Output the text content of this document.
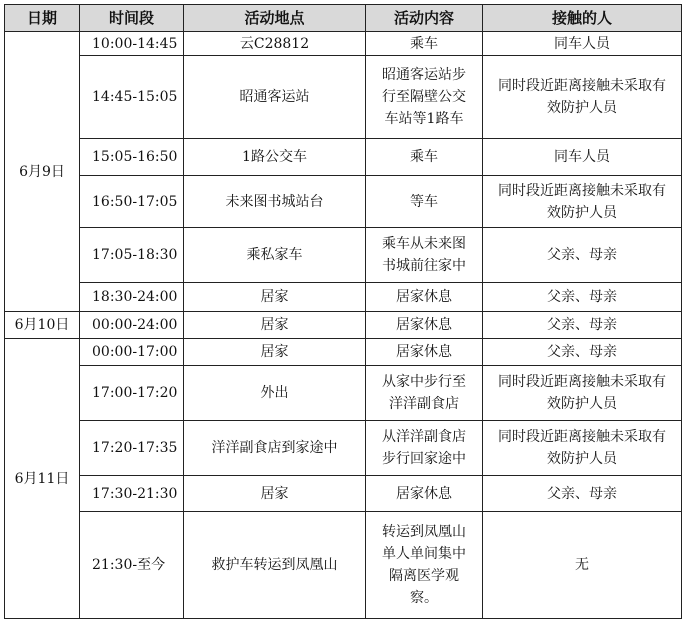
日期	时间段	活动地点	活动内容	接触的人
6月9日	10:00-14:45	云C28812	乘车	同车人员
	14:45-15:05	昭通客运站	昭通客运站步行至隔壁公交车站等1路车	同时段近距离接触未采取有效防护人员
	15:05-16:50	1路公交车	乘车	同车人员
	16:50-17:05	未来图书城站台	等车	同时段近距离接触未采取有效防护人员
	17:05-18:30	乘私家车	乘车从未来图书城前往家中	父亲、母亲
	18:30-24:00	居家	居家休息	父亲、母亲
6月10日	00:00-24:00	居家	居家休息	父亲、母亲
6月11日	00:00-17:00	居家	居家休息	父亲、母亲
	17:00-17:20	外出	从家中步行至洋洋副食店	同时段近距离接触未采取有效防护人员
	17:20-17:35	洋洋副食店到家途中	从洋洋副食店步行回家途中	同时段近距离接触未采取有效防护人员
	17:30-21:30	居家	居家休息	父亲、母亲
	21:30-至今	救护车转运到凤凰山	转运到凤凰山单人单间集中隔离医学观察。	无
